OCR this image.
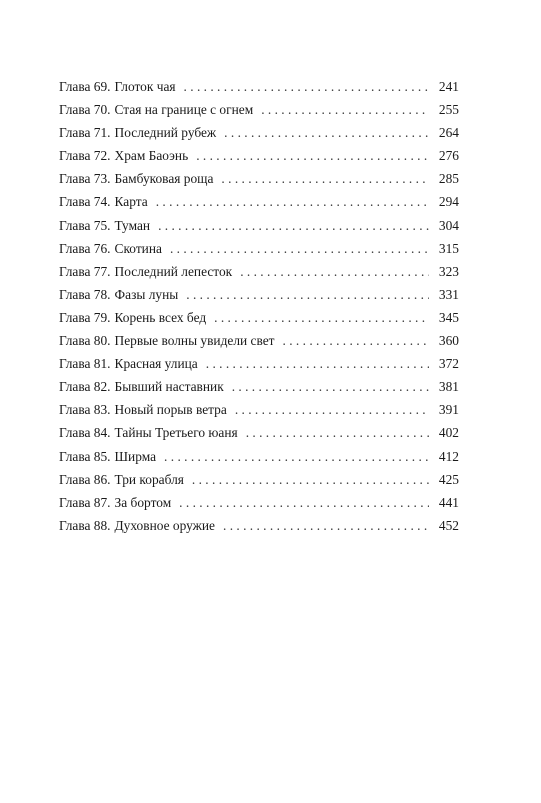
Глава 69. Глоток чая . . .	241
Глава 70. Стая на границе с огнем . . .	255
Глава 71. Последний рубеж . . .	264
Глава 72. Храм Баоэнь . . .	276
Глава 73. Бамбуковая роща . . .	285
Глава 74. Карта . . .	294
Глава 75. Туман . . .	304
Глава 76. Скотина . . .	315
Глава 77. Последний лепесток . . .	323
Глава 78. Фазы луны . . .	331
Глава 79. Корень всех бед . . .	345
Глава 80. Первые волны увидели свет . . .	360
Глава 81. Красная улица . . .	372
Глава 82. Бывший наставник . . .	381
Глава 83. Новый порыв ветра . . .	391
Глава 84. Тайны Третьего юаня . . .	402
Глава 85. Ширма . . .	412
Глава 86. Три корабля . . .	425
Глава 87. За бортом . . .	441
Глава 88. Духовное оружие . . .	452
